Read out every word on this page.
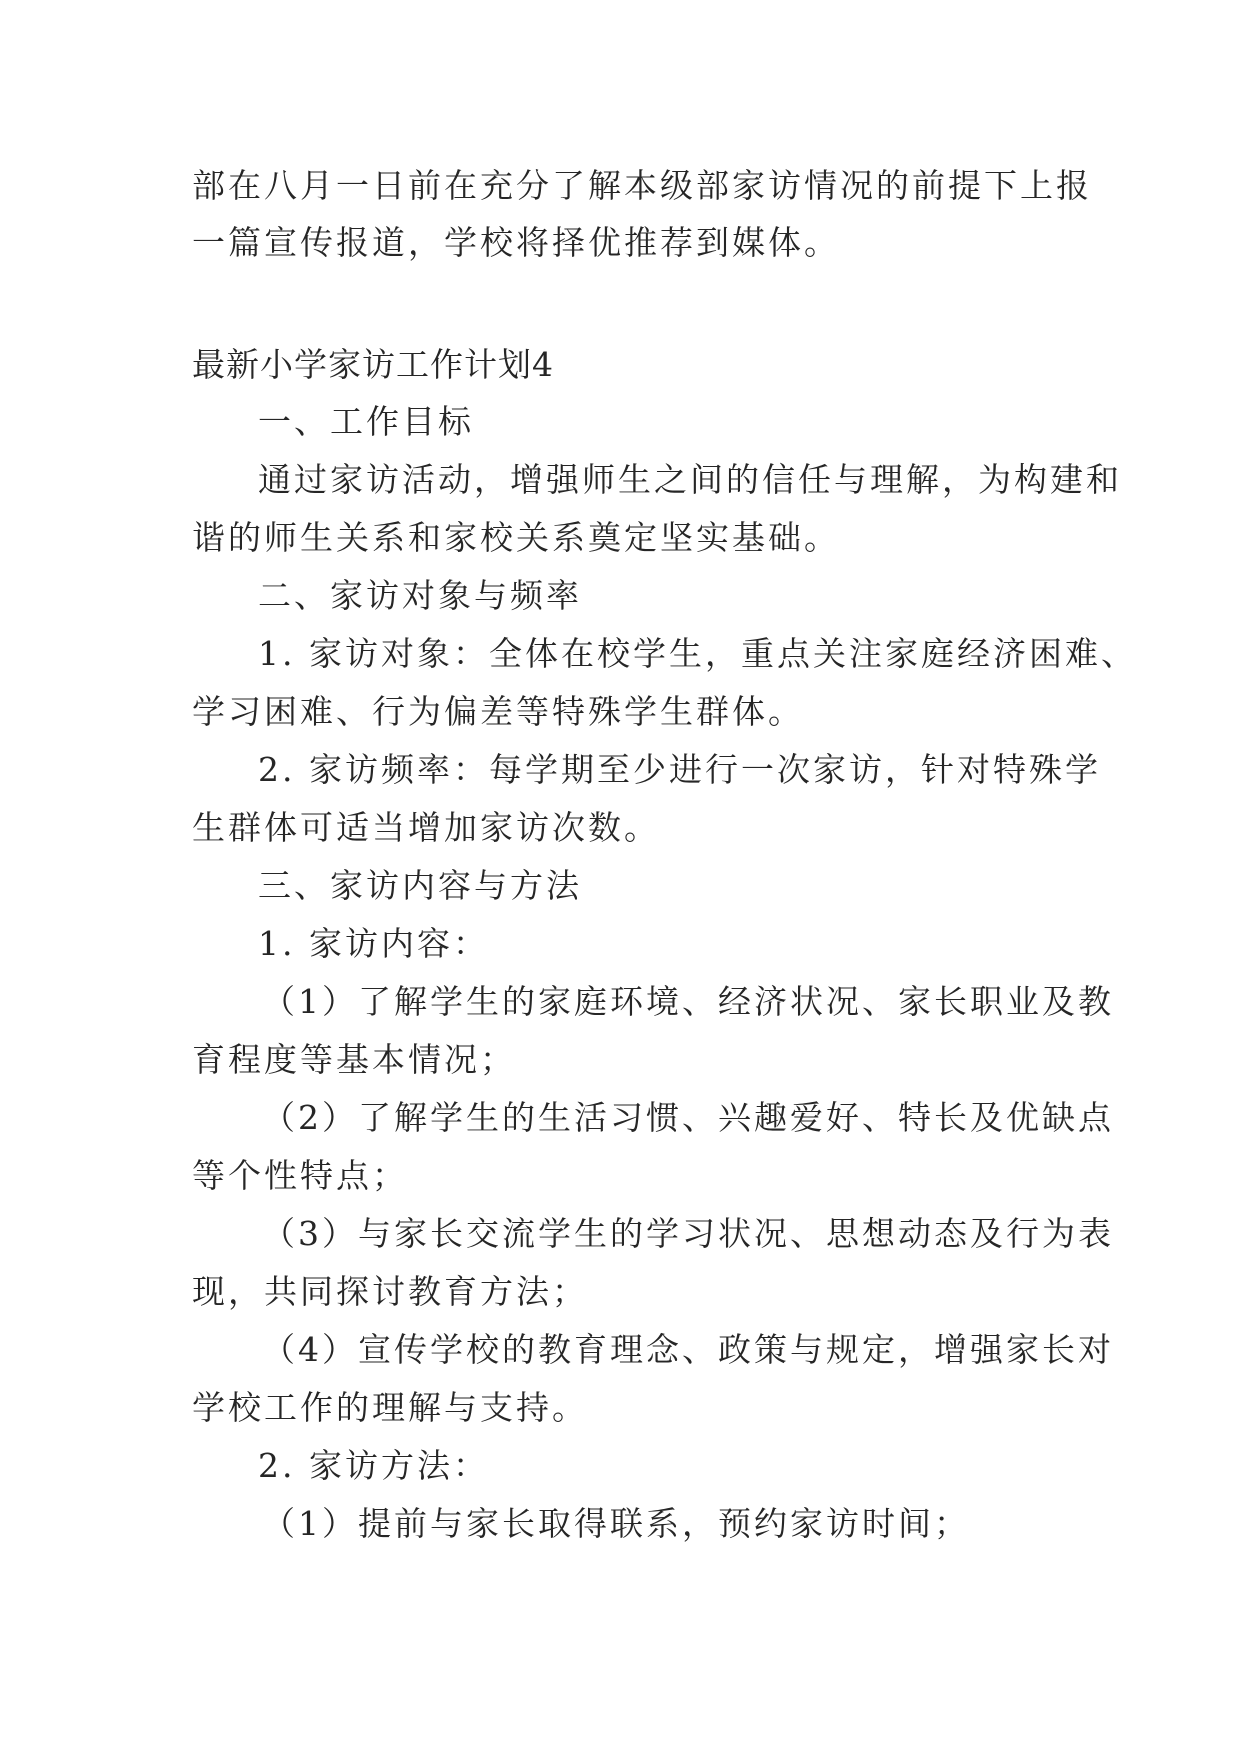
部在八月一日前在充分了解本级部家访情况的前提下上报
一篇宣传报道，学校将择优推荐到媒体。
最新小学家访工作计划4
一、工作目标
通过家访活动，增强师生之间的信任与理解，为构建和
谐的师生关系和家校关系奠定坚实基础。
二、家访对象与频率
1. 家访对象：全体在校学生，重点关注家庭经济困难、
学习困难、行为偏差等特殊学生群体。
2. 家访频率：每学期至少进行一次家访，针对特殊学
生群体可适当增加家访次数。
三、家访内容与方法
1. 家访内容：
（1）了解学生的家庭环境、经济状况、家长职业及教
育程度等基本情况；
（2）了解学生的生活习惯、兴趣爱好、特长及优缺点
等个性特点；
（3）与家长交流学生的学习状况、思想动态及行为表
现，共同探讨教育方法；
（4）宣传学校的教育理念、政策与规定，增强家长对
学校工作的理解与支持。
2. 家访方法：
（1）提前与家长取得联系，预约家访时间；
